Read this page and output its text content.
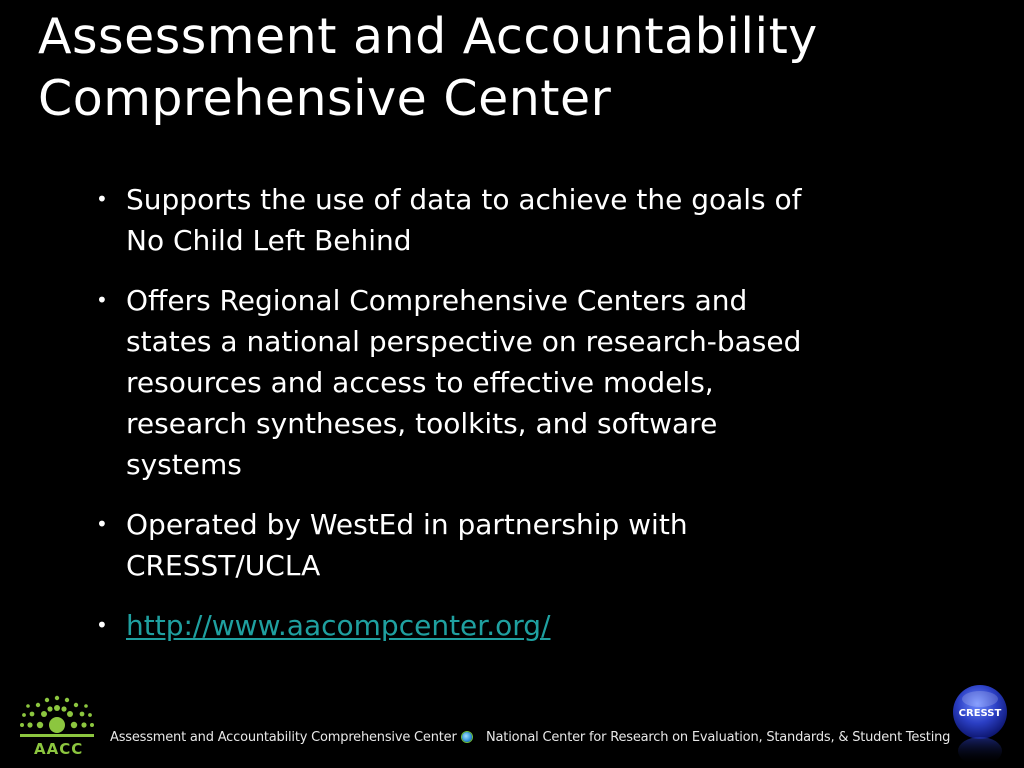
Assessment and Accountability
Comprehensive Center
• Supports the use of data to achieve the goals of
No Child Left Behind
• Offers Regional Comprehensive Centers and
states a national perspective on research-based
resources and access to effective models,
research syntheses, toolkits, and software
systems
• Operated by WestEd in partnership with
CRESST/UCLA
• http://www.aacompcenter.org/
AACC
Assessment and Accountability Comprehensive Center National Center for Research on Evaluation, Standards, & Student Testing
CRESST
